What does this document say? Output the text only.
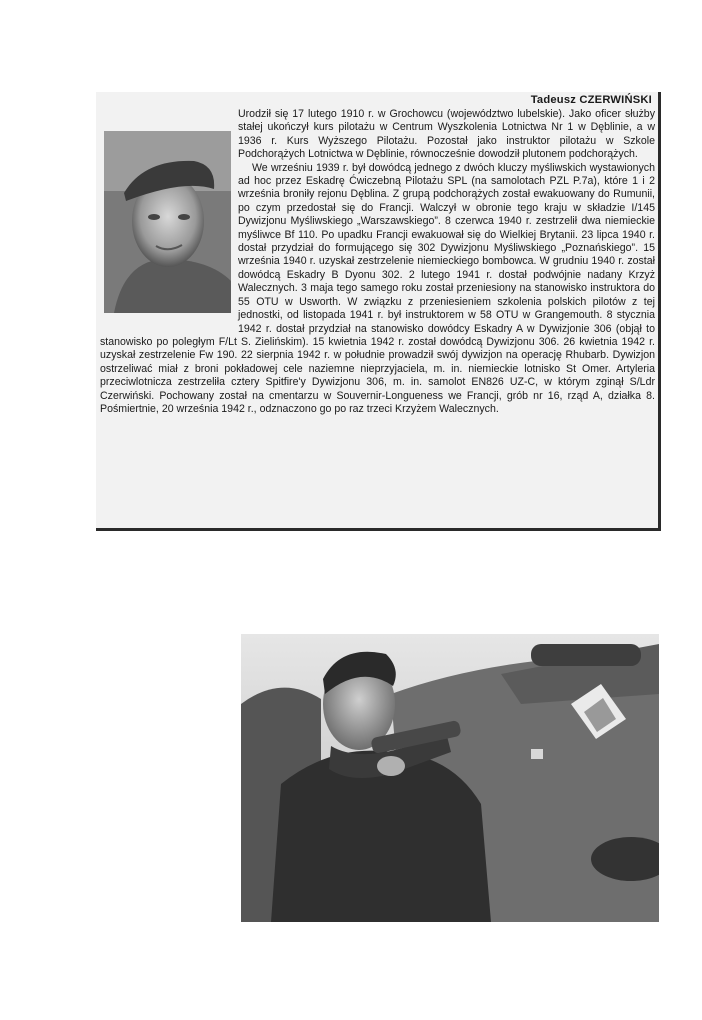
Tadeusz CZERWIŃSKI

Urodził się 17 lutego 1910 r. w Grochowcu (województwo lubelskie). Jako oficer służby stałej ukończył kurs pilotażu w Centrum Wyszkolenia Lotnictwa Nr 1 w Dęblinie, a w 1936 r. Kurs Wyższego Pilotażu. Pozostał jako instruktor pilotażu w Szkole Podchorążych Lotnictwa w Dęblinie, równocześnie dowodził plutonem podchorążych.

We wrześniu 1939 r. był dowódcą jednego z dwóch kluczy myśliwskich wystawionych ad hoc przez Eskadrę Ćwiczebną Pilotażu SPL (na samolotach PZL P.7a), które 1 i 2 września broniły rejonu Dęblina. Z grupą podchorążych został ewakuowany do Rumunii, po czym przedostał się do Francji. Walczył w obronie tego kraju w składzie I/145 Dywizjonu Myśliwskiego „Warszawskiego”. 8 czerwca 1940 r. zestrzelił dwa niemieckie myśliwce Bf 110. Po upadku Francji ewakuował się do Wielkiej Brytanii. 23 lipca 1940 r. dostał przydział do formującego się 302 Dywizjonu Myśliwskiego „Poznańskiego”. 15 września 1940 r. uzyskał zestrzelenie niemieckiego bombowca. W grudniu 1940 r. został dowódcą Eskadry B Dyonu 302. 2 lutego 1941 r. dostał podwójnie nadany Krzyż Walecznych. 3 maja tego samego roku został przeniesiony na stanowisko instruktora do 55 OTU w Usworth. W związku z przeniesieniem szkolenia polskich pilotów z tej jednostki, od listopada 1941 r. był instruktorem w 58 OTU w Grangemouth. 8 stycznia 1942 r. dostał przydział na stanowisko dowódcy Eskadry A w Dywizjonie 306 (objął to stanowisko po poległym F/Lt S. Zielińskim). 15 kwietnia 1942 r. został dowódcą Dywizjonu 306. 26 kwietnia 1942 r. uzyskał zestrzelenie Fw 190. 22 sierpnia 1942 r. w południe prowadził swój dywizjon na operację Rhubarb. Dywizjon ostrzeliwać miał z broni pokładowej cele naziemne nieprzyjaciela, m. in. niemieckie lotnisko St Omer. Artyleria przeciwlotnicza zestrzeliła cztery Spitfire'y Dywizjonu 306, m. in. samolot EN826 UZ-C, w którym zginął S/Ldr Czerwiński. Pochowany został na cmentarzu w Souvernir-Longueness we Francji, grób nr 16, rząd A, działka 8. Pośmiertnie, 20 września 1942 r., odznaczono go po raz trzeci Krzyżem Walecznych.
